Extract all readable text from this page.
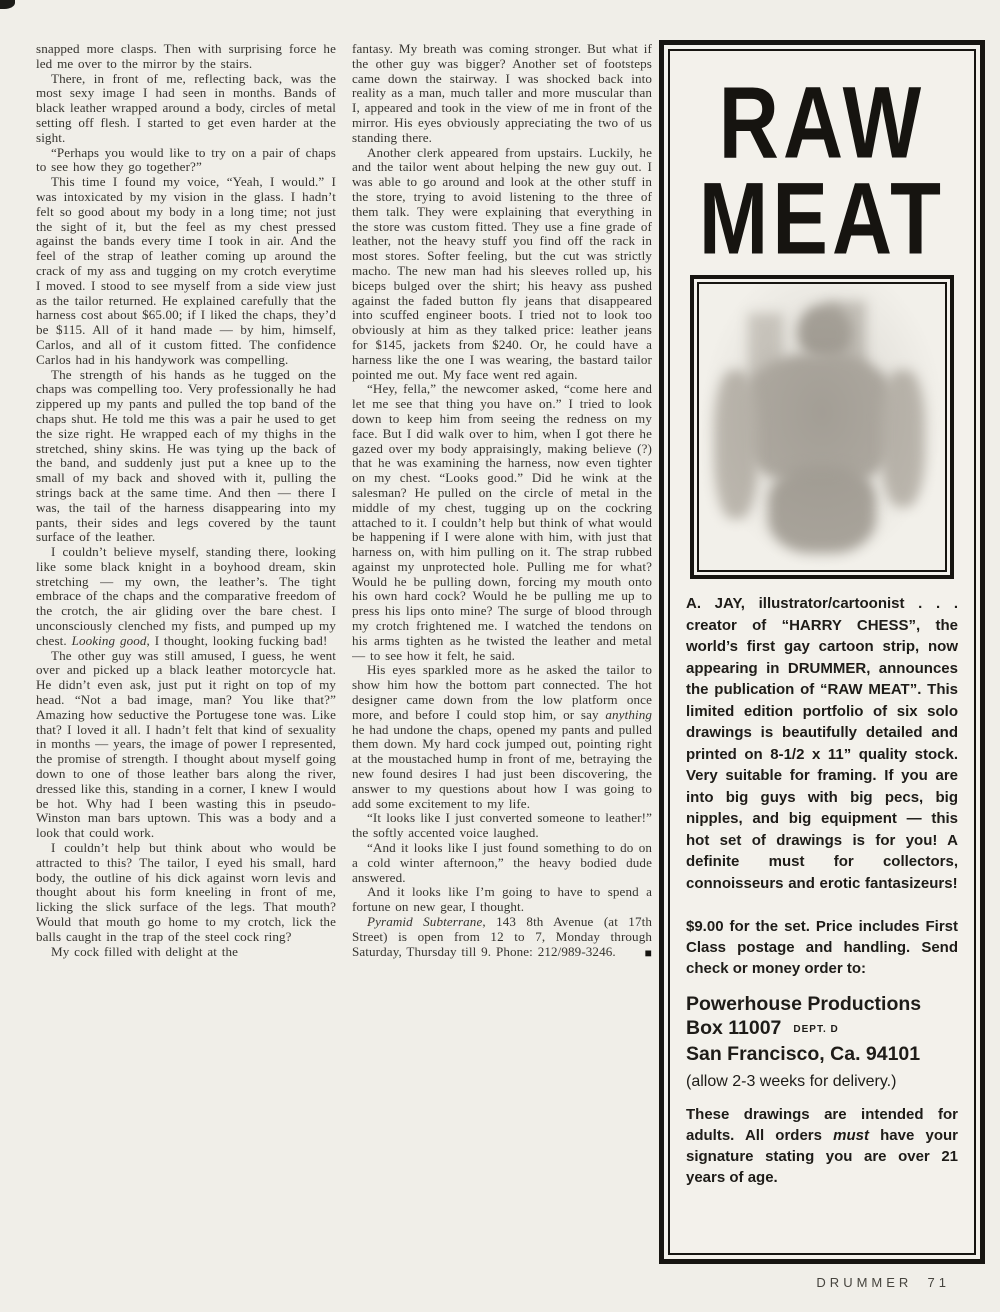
snapped more clasps. Then with surprising force he led me over to the mirror by the stairs.

There, in front of me, reflecting back, was the most sexy image I had seen in months. Bands of black leather wrapped around a body, circles of metal setting off flesh. I started to get even harder at the sight.

“Perhaps you would like to try on a pair of chaps to see how they go together?”

This time I found my voice, “Yeah, I would.” I was intoxicated by my vision in the glass. I hadn’t felt so good about my body in a long time; not just the sight of it, but the feel as my chest pressed against the bands every time I took in air. And the feel of the strap of leather coming up around the crack of my ass and tugging on my crotch everytime I moved. I stood to see myself from a side view just as the tailor returned. He explained carefully that the harness cost about $65.00; if I liked the chaps, they’d be $115. All of it hand made — by him, himself, Carlos, and all of it custom fitted. The confidence Carlos had in his handywork was compelling.

The strength of his hands as he tugged on the chaps was compelling too. Very professionally he had zippered up my pants and pulled the top band of the chaps shut. He told me this was a pair he used to get the size right. He wrapped each of my thighs in the stretched, shiny skins. He was tying up the back of the band, and suddenly just put a knee up to the small of my back and shoved with it, pulling the strings back at the same time. And then — there I was, the tail of the harness disappearing into my pants, their sides and legs covered by the taunt surface of the leather.

I couldn’t believe myself, standing there, looking like some black knight in a boyhood dream, skin stretching — my own, the leather’s. The tight embrace of the chaps and the comparative freedom of the crotch, the air gliding over the bare chest. I unconsciously clenched my fists, and pumped up my chest. Looking good, I thought, looking fucking bad!

The other guy was still amused, I guess, he went over and picked up a black leather motorcycle hat. He didn’t even ask, just put it right on top of my head. “Not a bad image, man? You like that?” Amazing how seductive the Portugese tone was. Like that? I loved it all. I hadn’t felt that kind of sexuality in months — years, the image of power I represented, the promise of strength. I thought about myself going down to one of those leather bars along the river, dressed like this, standing in a corner, I knew I would be hot. Why had I been wasting this in pseudo-Winston man bars uptown. This was a body and a look that could work.

I couldn’t help but think about who would be attracted to this? The tailor, I eyed his small, hard body, the outline of his dick against worn levis and thought about his form kneeling in front of me, licking the slick surface of the legs. That mouth? Would that mouth go home to my crotch, lick the balls caught in the trap of the steel cock ring?

My cock filled with delight at the

fantasy. My breath was coming stronger. But what if the other guy was bigger? Another set of footsteps came down the stairway. I was shocked back into reality as a man, much taller and more muscular than I, appeared and took in the view of me in front of the mirror. His eyes obviously appreciating the two of us standing there.

Another clerk appeared from upstairs. Luckily, he and the tailor went about helping the new guy out. I was able to go around and look at the other stuff in the store, trying to avoid listening to the three of them talk. They were explaining that everything in the store was custom fitted. They use a fine grade of leather, not the heavy stuff you find off the rack in most stores. Softer feeling, but the cut was strictly macho. The new man had his sleeves rolled up, his biceps bulged over the shirt; his heavy ass pushed against the faded button fly jeans that disappeared into scuffed engineer boots. I tried not to look too obviously at him as they talked price: leather jeans for $145, jackets from $240. Or, he could have a harness like the one I was wearing, the bastard tailor pointed me out. My face went red again.

“Hey, fella,” the newcomer asked, “come here and let me see that thing you have on.” I tried to look down to keep him from seeing the redness on my face. But I did walk over to him, when I got there he gazed over my body appraisingly, making believe (?) that he was examining the harness, now even tighter on my chest. “Looks good.” Did he wink at the salesman? He pulled on the circle of metal in the middle of my chest, tugging up on the cockring attached to it. I couldn’t help but think of what would be happening if I were alone with him, with just that harness on, with him pulling on it. The strap rubbed against my unprotected hole. Pulling me for what? Would he be pulling down, forcing my mouth onto his own hard cock? Would he be pulling me up to press his lips onto mine? The surge of blood through my crotch frightened me. I watched the tendons on his arms tighten as he twisted the leather and metal — to see how it felt, he said.

His eyes sparkled more as he asked the tailor to show him how the bottom part connected. The hot designer came down from the low platform once more, and before I could stop him, or say anything he had undone the chaps, opened my pants and pulled them down. My hard cock jumped out, pointing right at the moustached hump in front of me, betraying the new found desires I had just been discovering, the answer to my questions about how I was going to add some excitement to my life.

“It looks like I just converted someone to leather!” the softly accented voice laughed.

“And it looks like I just found something to do on a cold winter afternoon,” the heavy bodied dude answered.

And it looks like I’m going to have to spend a fortune on new gear, I thought.

Pyramid Subterrane, 143 8th Avenue (at 17th Street) is open from 12 to 7, Monday through Saturday, Thursday till 9. Phone: 212/989-3246.	■

RAW
MEAT
A. JAY, illustrator/cartoonist . . . creator of “HARRY CHESS”, the world’s first gay cartoon strip, now appearing in DRUMMER, announces the publication of “RAW MEAT”. This limited edition portfolio of six solo drawings is beautifully detailed and printed on 8-1/2 x 11” quality stock. Very suitable for framing. If you are into big guys with big pecs, big nipples, and big equipment — this hot set of drawings is for you! A definite must for collectors, connoisseurs and erotic fantasizeurs!
$9.00 for the set. Price includes First Class postage and handling. Send check or money order to:
Powerhouse Productions
Box 11007 DEPT. D
San Francisco, Ca. 94101
(allow 2-3 weeks for delivery.)
These drawings are intended for adults. All orders must have your signature stating you are over 21 years of age.
DRUMMER  71
